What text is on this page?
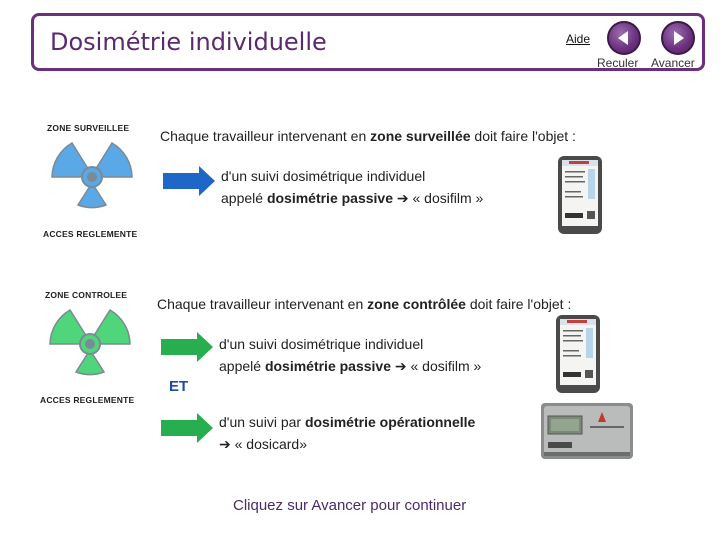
Dosimétrie individuelle	Aide
Reculer Avancer
ZONE SURVEILLEE
ACCES REGLEMENTE
Chaque travailleur intervenant en zone surveillée doit faire l'objet :
d'un suivi dosimétrique individuel
appelé dosimétrie passive ➔ « dosifilm »
ZONE CONTROLEE
ACCES REGLEMENTE
Chaque travailleur intervenant en zone contrôlée doit faire l'objet :
d'un suivi dosimétrique individuel
appelé dosimétrie passive ➔ « dosifilm »
ET
d'un suivi par dosimétrie opérationnelle
➔ « dosicard»
Cliquez sur Avancer pour continuer
